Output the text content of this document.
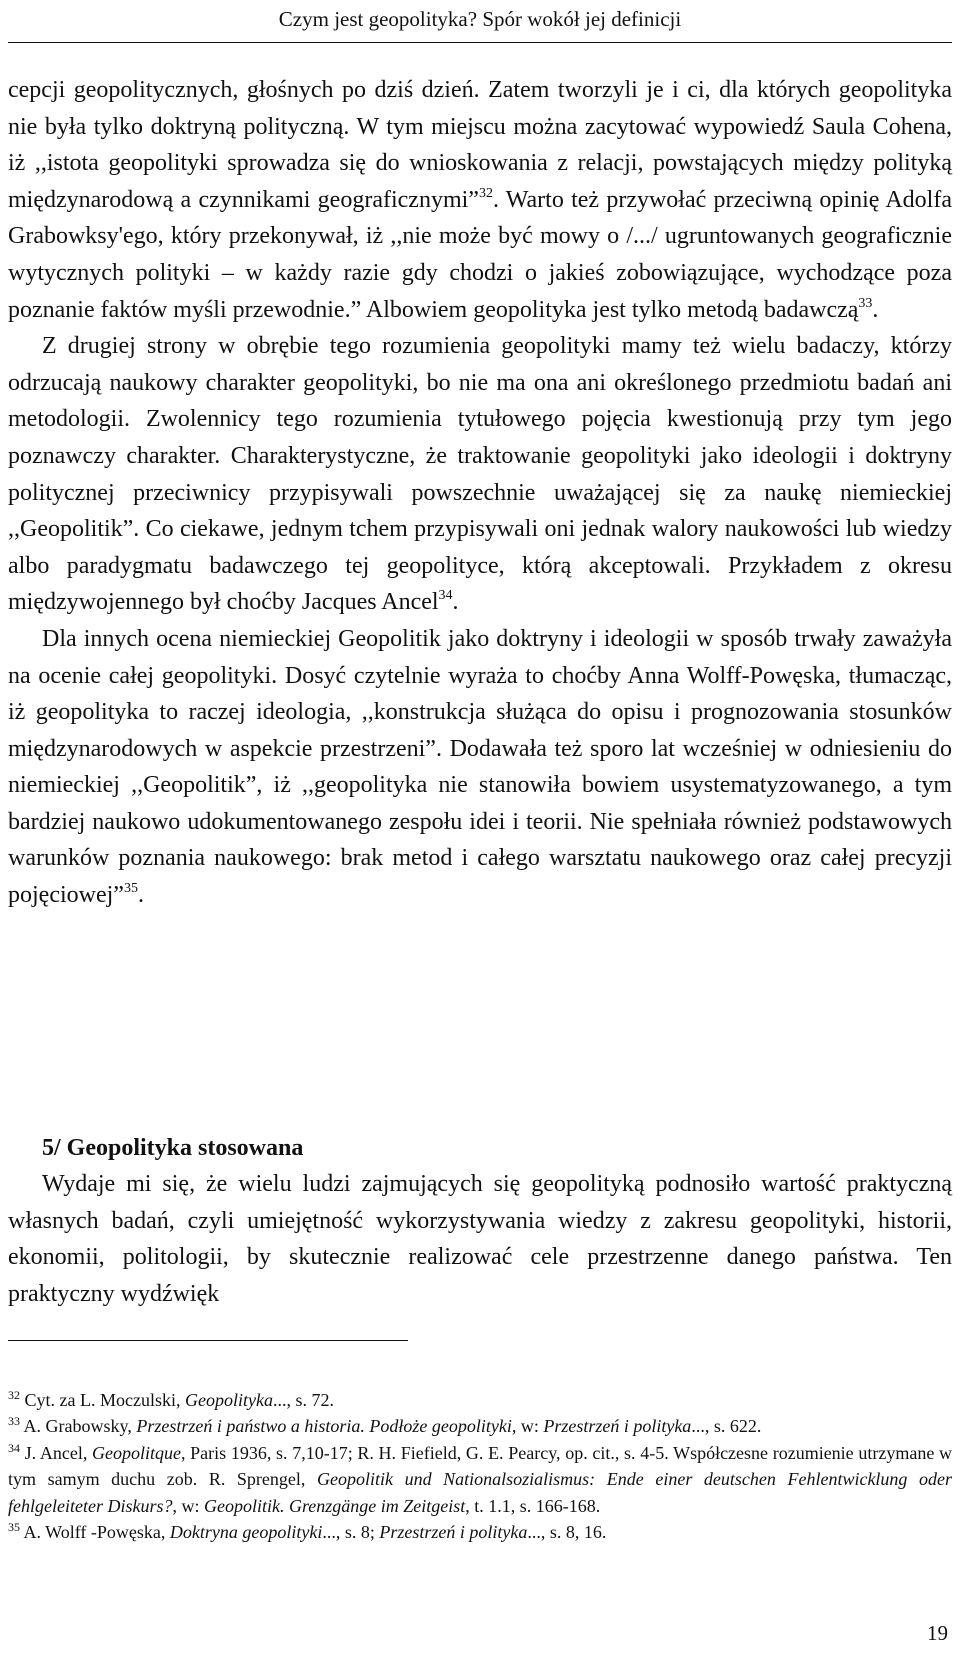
Czym jest geopolityka? Spór wokół jej definicji

cepcji geopolitycznych, głośnych po dziś dzień. Zatem tworzyli je i ci, dla których geopolityka nie była tylko doktryną polityczną. W tym miejscu można zacytować wypowiedź Saula Cohena, iż ,,istota geopolityki sprowadza się do wnioskowania z relacji, powstających między polityką międzynarodową a czynnikami geograficznymi”$^{32}$. Warto też przywołać przeciwną opinię Adolfa Grabowksy'ego, który przekonywał, iż ,,nie może być mowy o /.../ ugruntowanych geograficznie wytycznych polityki – w każdy razie gdy chodzi o jakieś zobowiązujące, wychodzące poza poznanie faktów myśli przewodnie.” Albowiem geopolityka jest tylko metodą badawczą$^{33}$.

Z drugiej strony w obrębie tego rozumienia geopolityki mamy też wielu badaczy, którzy odrzucają naukowy charakter geopolityki, bo nie ma ona ani określonego przedmiotu badań ani metodologii. Zwolennicy tego rozumienia tytułowego pojęcia kwestionują przy tym jego poznawczy charakter. Charakterystyczne, że traktowanie geopolityki jako ideologii i doktryny politycznej przeciwnicy przypisywali powszechnie uważającej się za naukę niemieckiej ,,Geopolitik”. Co ciekawe, jednym tchem przypisywali oni jednak walory naukowości lub wiedzy albo paradygmatu badawczego tej geopolityce, którą akceptowali. Przykładem z okresu międzywojennego był choćby Jacques Ancel$^{34}$.

Dla innych ocena niemieckiej Geopolitik jako doktryny i ideologii w sposób trwały zaważyła na ocenie całej geopolityki. Dosyć czytelnie wyraża to choćby Anna Wolff-Powęska, tłumacząc, iż geopolityka to raczej ideologia, ,,konstrukcja służąca do opisu i prognozowania stosunków międzynarodowych w aspekcie przestrzeni”. Dodawała też sporo lat wcześniej w odniesieniu do niemieckiej ,,Geopolitik”, iż ,,geopolityka nie stanowiła bowiem usystematyzowanego, a tym bardziej naukowo udokumentowanego zespołu idei i teorii. Nie spełniała również podstawowych warunków poznania naukowego: brak metod i całego warsztatu naukowego oraz całej precyzji pojęciowej”$^{35}$.

5/ Geopolityka stosowana

Wydaje mi się, że wielu ludzi zajmujących się geopolityką podnosiło wartość praktyczną własnych badań, czyli umiejętność wykorzystywania wiedzy z zakresu geopolityki, historii, ekonomii, politologii, by skutecznie realizować cele przestrzenne danego państwa. Ten praktyczny wydźwięk

$^{32}$ Cyt. za L. Moczulski, Geopolityka..., s. 72.

$^{33}$ A. Grabowsky, Przestrzeń i państwo a historia. Podłoże geopolityki, w: Przestrzeń i polityka..., s. 622.

$^{34}$ J. Ancel, Geopolitque, Paris 1936, s. 7,10-17; R. H. Fiefield, G. E. Pearcy, op. cit., s. 4-5. Współczesne rozumienie utrzymane w tym samym duchu zob. R. Sprengel, Geopolitik und Nationalsozialismus: Ende einer deutschen Fehlentwicklung oder fehlgeleiteter Diskurs?, w: Geopolitik. Grenzgänge im Zeitgeist, t. 1.1, s. 166-168.

$^{35}$ A. Wolff -Powęska, Doktryna geopolityki..., s. 8; Przestrzeń i polityka..., s. 8, 16.

19
